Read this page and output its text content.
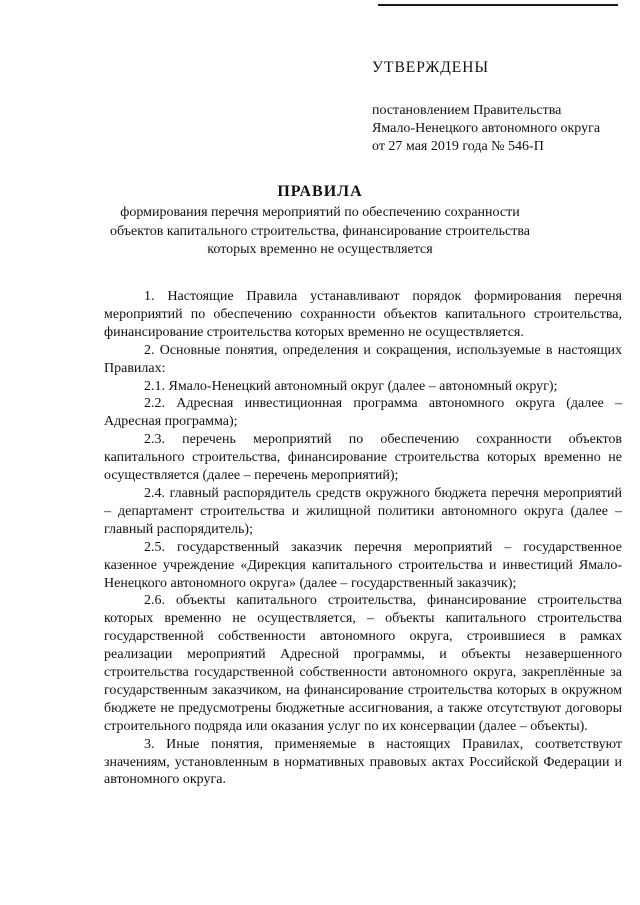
УТВЕРЖДЕНЫ

постановлением Правительства

Ямало-Ненецкого автономного округа

от 27 мая 2019 года № 546-П

ПРАВИЛА

формирования перечня мероприятий по обеспечению сохранности

объектов капитального строительства, финансирование строительства

которых временно не осуществляется

1. Настоящие Правила устанавливают порядок формирования перечня мероприятий по обеспечению сохранности объектов капитального строительства, финансирование строительства которых временно не осуществляется.

2. Основные понятия, определения и сокращения, используемые в настоящих Правилах:

2.1. Ямало-Ненецкий автономный округ (далее – автономный округ);

2.2. Адресная инвестиционная программа автономного округа (далее – Адресная программа);

2.3. перечень мероприятий по обеспечению сохранности объектов капитального строительства, финансирование строительства которых временно не осуществляется (далее – перечень мероприятий);

2.4. главный распорядитель средств окружного бюджета перечня мероприятий – департамент строительства и жилищной политики автономного округа (далее – главный распорядитель);

2.5. государственный заказчик перечня мероприятий – государственное казенное учреждение «Дирекция капитального строительства и инвестиций Ямало-Ненецкого автономного округа» (далее – государственный заказчик);

2.6. объекты капитального строительства, финансирование строительства которых временно не осуществляется, – объекты капитального строительства государственной собственности автономного округа, строившиеся в рамках реализации мероприятий Адресной программы, и объекты незавершенного строительства государственной собственности автономного округа, закреплённые за государственным заказчиком, на финансирование строительства которых в окружном бюджете не предусмотрены бюджетные ассигнования, а также отсутствуют договоры строительного подряда или оказания услуг по их консервации (далее – объекты).

3. Иные понятия, применяемые в настоящих Правилах, соответствуют значениям, установленным в нормативных правовых актах Российской Федерации и автономного округа.
